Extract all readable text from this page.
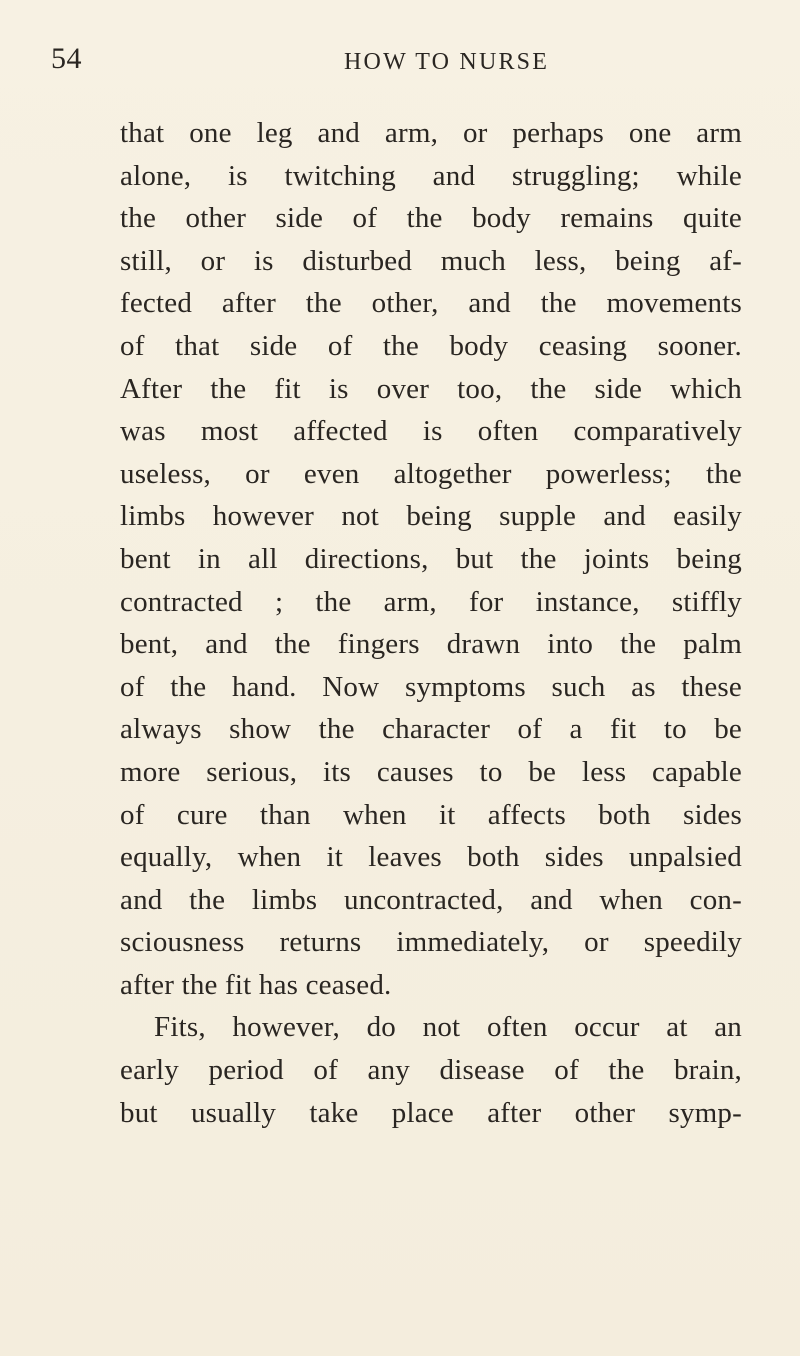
54	HOW TO NURSE
that one leg and arm, or perhaps one arm
alone, is twitching and struggling; while
the other side of the body remains quite
still, or is disturbed much less, being af-
fected after the other, and the movements
of that side of the body ceasing sooner.
After the fit is over too, the side which
was most affected is often comparatively
useless, or even altogether powerless; the
limbs however not being supple and easily
bent in all directions, but the joints being
contracted ; the arm, for instance, stiffly
bent, and the fingers drawn into the palm
of the hand. Now symptoms such as these
always show the character of a fit to be
more serious, its causes to be less capable
of cure than when it affects both sides
equally, when it leaves both sides unpalsied
and the limbs uncontracted, and when con-
sciousness returns immediately, or speedily
after the fit has ceased.
Fits, however, do not often occur at an
early period of any disease of the brain,
but usually take place after other symp-
